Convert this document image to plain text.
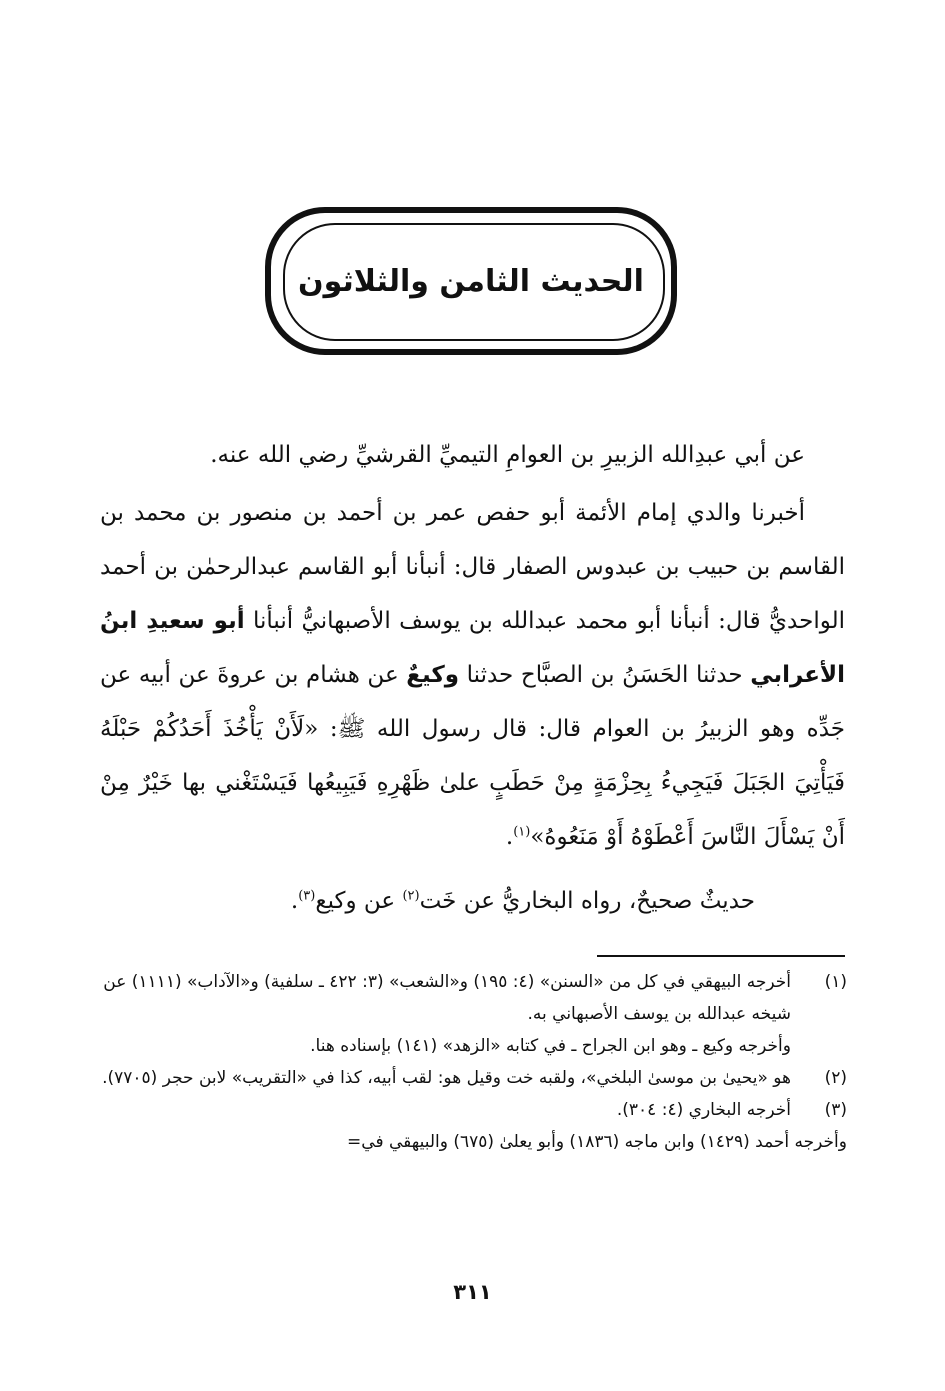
الحديث الثامن والثلاثون

عن أبي عبدِالله الزبيرِ بن العوامِ التيميِّ القرشيِّ رضي الله عنه.

أخبرنا والدي إمام الأئمة أبو حفص عمر بن أحمد بن منصور بن محمد بن القاسم بن حبيب بن عبدوس الصفار قال: أنبأنا أبو القاسم عبدالرحمٰن بن أحمد الواحديُّ قال: أنبأنا أبو محمد عبدالله بن يوسف الأصبهانيُّ أنبأنا أبو سعيدِ ابنُ الأعرابي حدثنا الحَسَنُ بن الصبَّاح حدثنا وكيعٌ عن هشام بن عروةَ عن أبيه عن جَدِّه وهو الزبيرُ بن العوام قال: قال رسول الله ﷺ: «لَأَنْ يَأْخُذَ أَحَدُكُمْ حَبْلَهُ فَيَأْتِيَ الجَبَلَ فَيَجِيءُ بِحِزْمَةٍ مِنْ حَطَبٍ علىٰ ظَهْرِهِ فَيَبِيعُها فَيَسْتَغْني بها خَيْرٌ مِنْ أَنْ يَسْأَلَ النَّاسَ أَعْطَوْهُ أَوْ مَنَعُوهُ»$^{(١)}$.

حديثٌ صحيحٌ، رواه البخاريُّ عن خَت$^{(٢)}$ عن وكيع$^{(٣)}$.

(١)أخرجه البيهقي في كل من «السنن» (٤: ١٩٥) و«الشعب» (٣: ٤٢٢ ـ سلفية) و«الآداب» (١١١١) عن شيخه عبدالله بن يوسف الأصبهاني به.

وأخرجه وكيع ـ وهو ابن الجراح ـ في كتابه «الزهد» (١٤١) بإسناده هنا.

(٢)هو «يحيىٰ بن موسىٰ البلخي»، ولقبه خت وقيل هو: لقب أبيه، كذا في «التقريب» لابن حجر (٧٧٠٥).

(٣)أخرجه البخاري (٤: ٣٠٤).

وأخرجه أحمد (١٤٢٩) وابن ماجه (١٨٣٦) وأبو يعلىٰ (٦٧٥) والبيهقي في=

٣١١
